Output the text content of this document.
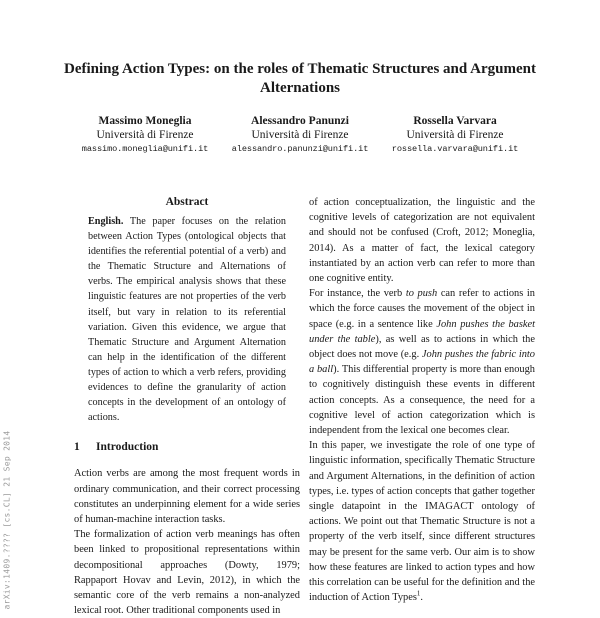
arXiv:1409.???? [cs.CL] 21 Sep 2014
Defining Action Types: on the roles of Thematic Structures and Argument Alternations
Massimo Moneglia
Università di Firenze
massimo.moneglia@unifi.it
Alessandro Panunzi
Università di Firenze
alessandro.panunzi@unifi.it
Rossella Varvara
Università di Firenze
rossella.varvara@unifi.it
Abstract
English. The paper focuses on the relation between Action Types (ontological objects that identifies the referential potential of a verb) and the Thematic Structure and Alternations of verbs. The empirical analysis shows that these linguistic features are not properties of the verb itself, but vary in relation to its referential variation. Given this evidence, we argue that Thematic Structure and Argument Alternation can help in the identification of the different types of action to which a verb refers, providing evidences to define the granularity of action concepts in the development of an ontology of actions.
1 Introduction

Action verbs are among the most frequent words in ordinary communication, and their correct processing constitutes an underpinning element for a wide series of human-machine interaction tasks.

The formalization of action verb meanings has often been linked to propositional representations within decompositional approaches (Dowty, 1979; Rappaport Hovav and Levin, 2012), in which the semantic core of the verb remains a non-analyzed lexical root. Other traditional components used in

of action conceptualization, the linguistic and the cognitive levels of categorization are not equivalent and should not be confused (Croft, 2012; Moneglia, 2014). As a matter of fact, the lexical category instantiated by an action verb can refer to more than one cognitive entity.

For instance, the verb to push can refer to actions in which the force causes the movement of the object in space (e.g. in a sentence like John pushes the basket under the table), as well as to actions in which the object does not move (e.g. John pushes the fabric into a ball). This differential property is more than enough to cognitively distinguish these events in different action concepts. As a consequence, the need for a cognitive level of action categorization which is independent from the lexical one becomes clear.

In this paper, we investigate the role of one type of linguistic information, specifically Thematic Structure and Argument Alternations, in the definition of action types, i.e. types of action concepts that gather together single datapoint in the IMAGACT ontology of actions. We point out that Thematic Structure is not a property of the verb itself, since different structures may be present for the same verb. Our aim is to show how these features are linked to action types and how this correlation can be useful for the definition and the induction of Action Types$^1$.
